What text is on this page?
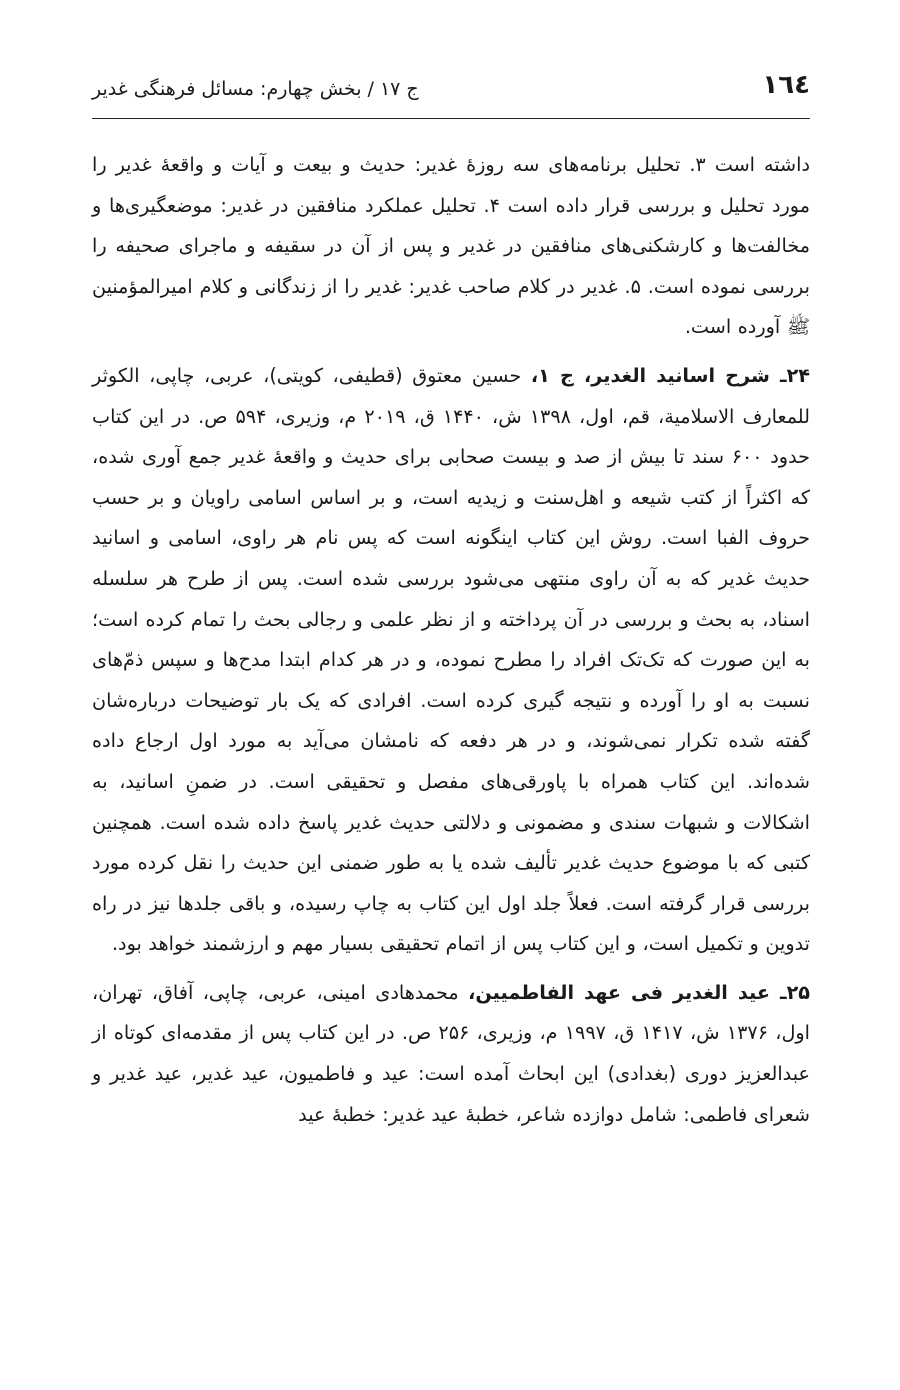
۱٦٤
ج ۱۷ / بخش چهارم: مسائل فرهنگی غدیر

داشته است ۳. تحلیل برنامه‌های سه روزهٔ غدیر: حدیث و بیعت و آیات و واقعهٔ غدیر را مورد تحلیل و بررسی قرار داده است ۴. تحلیل عملکرد منافقین در غدیر: موضعگیری‌ها و مخالفت‌ها و کارشکنی‌های منافقین در غدیر و پس از آن در سقیفه و ماجرای صحیفه را بررسی نموده است. ۵. غدیر در کلام صاحب غدیر: غدیر را از زندگانی و کلام امیرالمؤمنین ﷺ آورده است.

۲۴ـ شرح اسانید الغدیر، ج ۱، حسین معتوق (قطیفی، کویتی)، عربی، چاپی، الکوثر للمعارف الاسلامیة، قم، اول، ۱۳۹۸ ش، ۱۴۴۰ ق، ۲۰۱۹ م، وزیری، ۵۹۴ ص. در این کتاب حدود ۶۰۰ سند تا بیش از صد و بیست صحابی برای حدیث و واقعهٔ غدیر جمع آوری شده، که اکثراً از کتب شیعه و اهل‌سنت و زیدیه است، و بر اساس اسامی راویان و بر حسب حروف الفبا است. روش این کتاب اینگونه است که پس نام هر راوی، اسامی و اسانید حدیث غدیر که به آن راوی منتهی می‌شود بررسی شده است. پس از طرح هر سلسله اسناد، به بحث و بررسی در آن پرداخته و از نظر علمی و رجالی بحث را تمام کرده است؛ به این صورت که تک‌تک افراد را مطرح نموده، و در هر کدام ابتدا مدح‌ها و سپس ذمّ‌های نسبت به او را آورده و نتیجه گیری کرده است. افرادی که یک بار توضیحات درباره‌شان گفته شده تکرار نمی‌شوند، و در هر دفعه که نامشان می‌آید به مورد اول ارجاع داده شده‌اند. این کتاب همراه با پاورقی‌های مفصل و تحقیقی است. در ضمنِ اسانید، به اشکالات و شبهات سندی و مضمونی و دلالتی حدیث غدیر پاسخ داده شده است. همچنین کتبی که با موضوع حدیث غدیر تألیف شده یا به طور ضمنی این حدیث را نقل کرده مورد بررسی قرار گرفته است. فعلاً جلد اول این کتاب به چاپ رسیده، و باقی جلدها نیز در راه تدوین و تکمیل است، و این کتاب پس از اتمام تحقیقی بسیار مهم و ارزشمند خواهد بود.

۲۵ـ عید الغدیر فی عهد الفاطمیین، محمدهادی امینی، عربی، چاپی، آفاق، تهران، اول، ۱۳۷۶ ش، ۱۴۱۷ ق، ۱۹۹۷ م، وزیری، ۲۵۶ ص. در این کتاب پس از مقدمه‌ای کوتاه از عبدالعزیز دوری (بغدادی) این ابحاث آمده است: عید و فاطمیون، عید غدیر، عید غدیر و شعرای فاطمی: شامل دوازده شاعر، خطبهٔ عید غدیر: خطبهٔ عید
